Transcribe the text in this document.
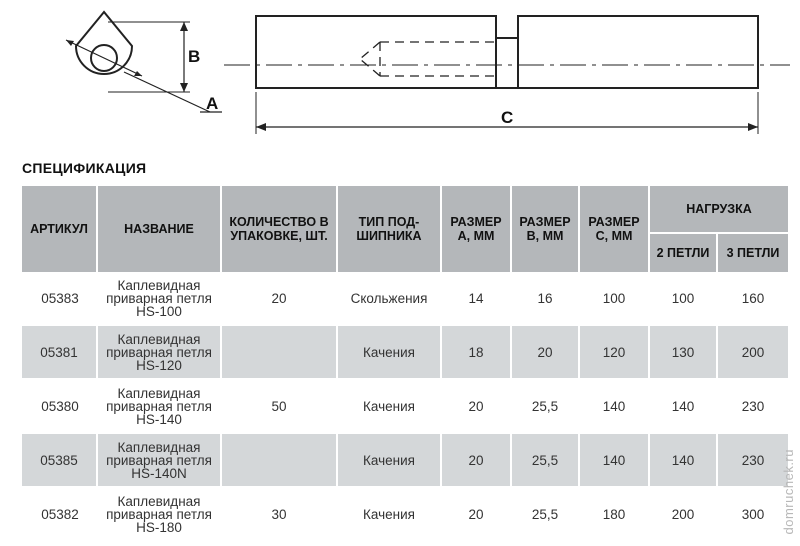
B
A
C
СПЕЦИФИКАЦИЯ
АРТИКУЛ	НАЗВАНИЕ	КОЛИЧЕСТВО В УПАКОВКЕ, ШТ.	ТИП ПОД-ШИПНИКА	РАЗМЕР А, ММ	РАЗМЕР В, ММ	РАЗМЕР С, ММ	НАГРУЗКА	
							2 ПЕТЛИ	3 ПЕТЛИ
05383	Каплевидная приварная петля HS-100	20	Скольжения	14	16	100	100	160
05381	Каплевидная приварная петля HS-120		Качения	18	20	120	130	200
05380	Каплевидная приварная петля HS-140	50	Качения	20	25,5	140	140	230
05385	Каплевидная приварная петля HS-140N		Качения	20	25,5	140	140	230
05382	Каплевидная приварная петля HS-180	30	Качения	20	25,5	180	200	300 domruchek.ru
